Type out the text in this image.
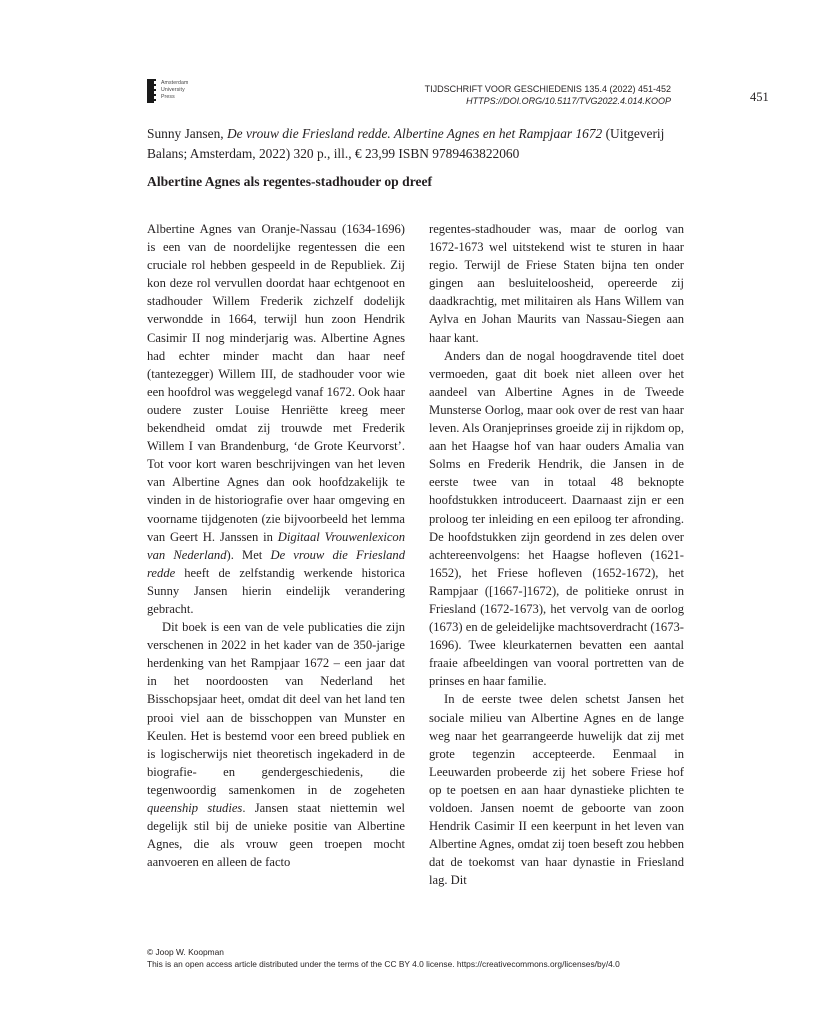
Amsterdam
University
Press
TIJDSCHRIFT VOOR GESCHIEDENIS 135.4 (2022) 451-452
HTTPS://DOI.ORG/10.5117/TVG2022.4.014.KOOP	451
Sunny Jansen, De vrouw die Friesland redde. Albertine Agnes en het Rampjaar 1672 (Uitgeverij Balans; Amsterdam, 2022) 320 p., ill., € 23,99 ISBN 9789463822060
Albertine Agnes als regentes-stadhouder op dreef

Albertine Agnes van Oranje-Nassau (1634-1696) is een van de noordelijke regentessen die een cruciale rol hebben gespeeld in de Republiek. Zij kon deze rol vervullen doordat haar echtgenoot en stadhouder Willem Frederik zichzelf dodelijk verwondde in 1664, terwijl hun zoon Hendrik Casimir II nog minderjarig was. Albertine Agnes had echter minder macht dan haar neef (tantezegger) Willem III, de stadhouder voor wie een hoofdrol was weggelegd vanaf 1672. Ook haar oudere zuster Louise Henriëtte kreeg meer bekendheid omdat zij trouwde met Frederik Willem I van Brandenburg, ‘de Grote Keurvorst’. Tot voor kort waren beschrijvingen van het leven van Albertine Agnes dan ook hoofdzakelijk te vinden in de historiografie over haar omgeving en voorname tijdgenoten (zie bijvoorbeeld het lemma van Geert H. Janssen in Digitaal Vrouwenlexicon van Nederland). Met De vrouw die Friesland redde heeft de zelfstandig werkende historica Sunny Jansen hierin eindelijk verandering gebracht.

Dit boek is een van de vele publicaties die zijn verschenen in 2022 in het kader van de 350-jarige herdenking van het Rampjaar 1672 – een jaar dat in het noordoosten van Nederland het Bisschopsjaar heet, omdat dit deel van het land ten prooi viel aan de bisschoppen van Munster en Keulen. Het is bestemd voor een breed publiek en is logischerwijs niet theoretisch ingekaderd in de biografie- en gendergeschiedenis, die tegenwoordig samenkomen in de zogeheten queenship studies. Jansen staat niettemin wel degelijk stil bij de unieke positie van Albertine Agnes, die als vrouw geen troepen mocht aanvoeren en alleen de facto

regentes-stadhouder was, maar de oorlog van 1672-1673 wel uitstekend wist te sturen in haar regio. Terwijl de Friese Staten bijna ten onder gingen aan besluiteloosheid, opereerde zij daadkrachtig, met militairen als Hans Willem van Aylva en Johan Maurits van Nassau-Siegen aan haar kant.

Anders dan de nogal hoogdravende titel doet vermoeden, gaat dit boek niet alleen over het aandeel van Albertine Agnes in de Tweede Munsterse Oorlog, maar ook over de rest van haar leven. Als Oranjeprinses groeide zij in rijkdom op, aan het Haagse hof van haar ouders Amalia van Solms en Frederik Hendrik, die Jansen in de eerste twee van in totaal 48 beknopte hoofdstukken introduceert. Daarnaast zijn er een proloog ter inleiding en een epiloog ter afronding. De hoofdstukken zijn geordend in zes delen over achtereenvolgens: het Haagse hofleven (1621-1652), het Friese hofleven (1652-1672), het Rampjaar ([1667-]1672), de politieke onrust in Friesland (1672-1673), het vervolg van de oorlog (1673) en de geleidelijke machtsoverdracht (1673-1696). Twee kleurkaternen bevatten een aantal fraaie afbeeldingen van vooral portretten van de prinses en haar familie.

In de eerste twee delen schetst Jansen het sociale milieu van Albertine Agnes en de lange weg naar het gearrangeerde huwelijk dat zij met grote tegenzin accepteerde. Eenmaal in Leeuwarden probeerde zij het sobere Friese hof op te poetsen en aan haar dynastieke plichten te voldoen. Jansen noemt de geboorte van zoon Hendrik Casimir II een keerpunt in het leven van Albertine Agnes, omdat zij toen beseft zou hebben dat de toekomst van haar dynastie in Friesland lag. Dit

© Joop W. Koopman
This is an open access article distributed under the terms of the CC BY 4.0 license. https://creativecommons.org/licenses/by/4.0
